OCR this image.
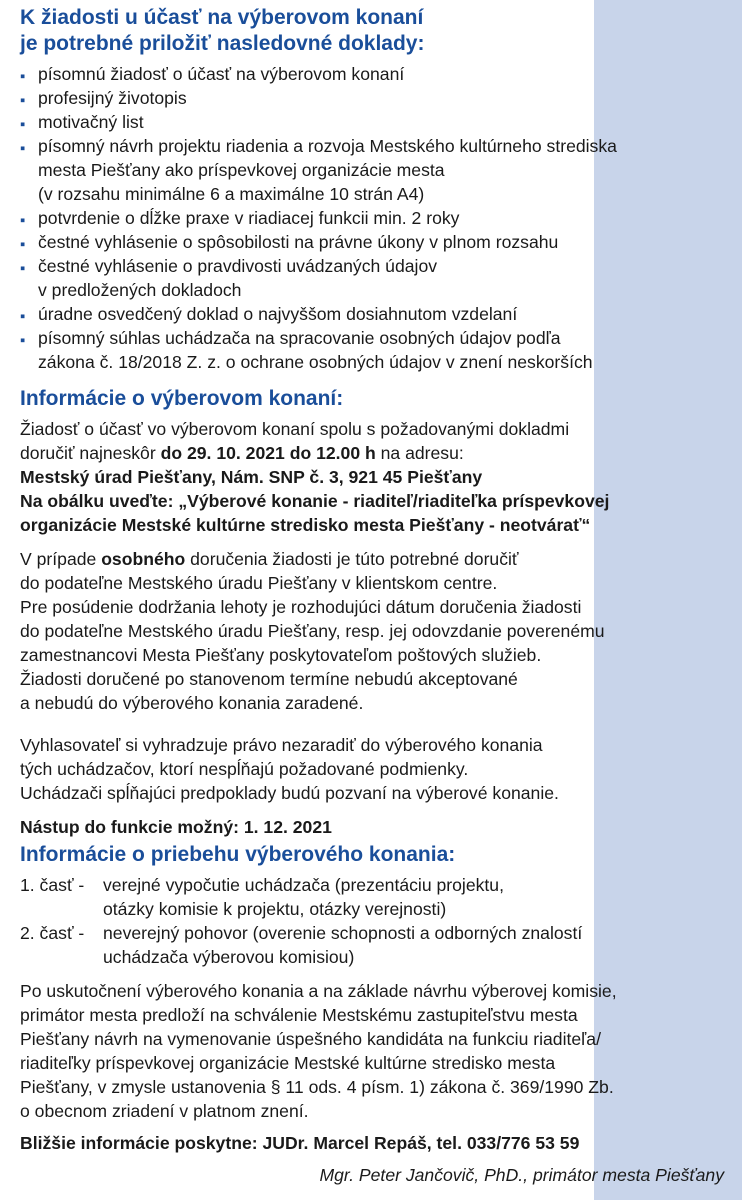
K žiadosti u účasť na výberovom konaní
je potrebné priložiť nasledovné doklady:
▪ písomnú žiadosť o účasť na výberovom konaní
▪ profesijný životopis
▪ motivačný list
▪ písomný návrh projektu riadenia a rozvoja Mestského kultúrneho strediska
mesta Piešťany ako príspevkovej organizácie mesta
(v rozsahu minimálne 6 a maximálne 10 strán A4)
▪ potvrdenie o dĺžke praxe v riadiacej funkcii min. 2 roky
▪ čestné vyhlásenie o spôsobilosti na právne úkony v plnom rozsahu
▪ čestné vyhlásenie o pravdivosti uvádzaných údajov
v predložených dokladoch
▪ úradne osvedčený doklad o najvyššom dosiahnutom vzdelaní
▪ písomný súhlas uchádzača na spracovanie osobných údajov podľa
zákona č. 18/2018 Z. z. o ochrane osobných údajov v znení neskorších
Informácie o výberovom konaní:
Žiadosť o účasť vo výberovom konaní spolu s požadovanými dokladmi
doručiť najneskôr do 29. 10. 2021 do 12.00 h na adresu:
Mestský úrad Piešťany, Nám. SNP č. 3, 921 45 Piešťany
Na obálku uveďte: „Výberové konanie - riaditeľ/riaditeľka príspevkovej
organizácie Mestské kultúrne stredisko mesta Piešťany - neotvárať“
V prípade osobného doručenia žiadosti je túto potrebné doručiť
do podateľne Mestského úradu Piešťany v klientskom centre.
Pre posúdenie dodržania lehoty je rozhodujúci dátum doručenia žiadosti
do podateľne Mestského úradu Piešťany, resp. jej odovzdanie poverenému
zamestnancovi Mesta Piešťany poskytovateľom poštových služieb.
Žiadosti doručené po stanovenom termíne nebudú akceptované
a nebudú do výberového konania zaradené.
Vyhlasovateľ si vyhradzuje právo nezaradiť do výberového konania
tých uchádzačov, ktorí nespĺňajú požadované podmienky.
Uchádzači spĺňajúci predpoklady budú pozvaní na výberové konanie.
Nástup do funkcie možný: 1. 12. 2021
Informácie o priebehu výberového konania:
1. časť - verejné vypočutie uchádzača (prezentáciu projektu,
otázky komisie k projektu, otázky verejnosti)
2. časť - neverejný pohovor (overenie schopnosti a odborných znalostí
uchádzača výberovou komisiou)
Po uskutočnení výberového konania a na základe návrhu výberovej komisie,
primátor mesta predloží na schválenie Mestskému zastupiteľstvu mesta
Piešťany návrh na vymenovanie úspešného kandidáta na funkciu riaditeľa/
riaditeľky príspevkovej organizácie Mestské kultúrne stredisko mesta
Piešťany, v zmysle ustanovenia § 11 ods. 4 písm. 1) zákona č. 369/1990 Zb.
o obecnom zriadení v platnom znení.
Bližšie informácie poskytne: JUDr. Marcel Repáš, tel. 033/776 53 59
Mgr. Peter Jančovič, PhD., primátor mesta Piešťany
